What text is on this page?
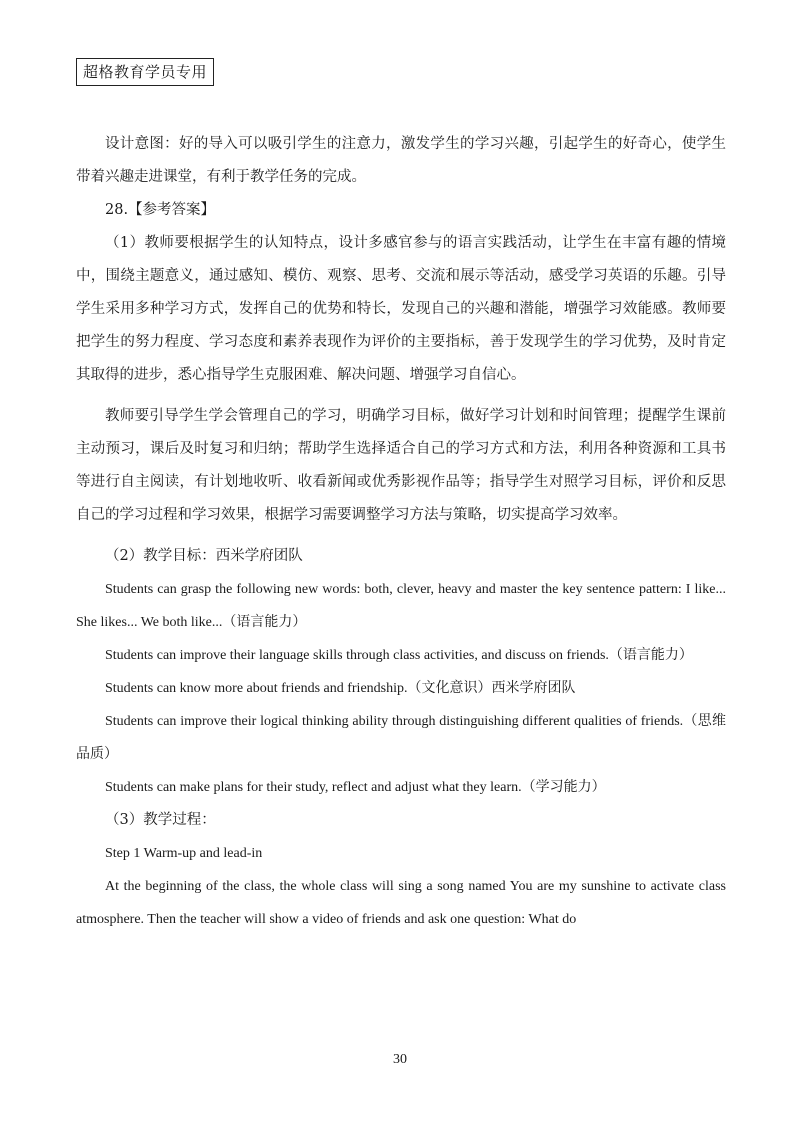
超格教育学员专用

设计意图：好的导入可以吸引学生的注意力，激发学生的学习兴趣，引起学生的好奇心，使学生带着兴趣走进课堂，有利于教学任务的完成。

28.【参考答案】

（1）教师要根据学生的认知特点，设计多感官参与的语言实践活动，让学生在丰富有趣的情境中，围绕主题意义，通过感知、模仿、观察、思考、交流和展示等活动，感受学习英语的乐趣。引导学生采用多种学习方式，发挥自己的优势和特长，发现自己的兴趣和潜能，增强学习效能感。教师要把学生的努力程度、学习态度和素养表现作为评价的主要指标，善于发现学生的学习优势，及时肯定其取得的进步，悉心指导学生克服困难、解决问题、增强学习自信心。

教师要引导学生学会管理自己的学习，明确学习目标，做好学习计划和时间管理；提醒学生课前主动预习，课后及时复习和归纳；帮助学生选择适合自己的学习方式和方法，利用各种资源和工具书等进行自主阅读，有计划地收听、收看新闻或优秀影视作品等；指导学生对照学习目标，评价和反思自己的学习过程和学习效果，根据学习需要调整学习方法与策略，切实提高学习效率。

（2）教学目标：西米学府团队

Students can grasp the following new words: both, clever, heavy and master the key sentence pattern: I like... She likes... We both like...（语言能力）

Students can improve their language skills through class activities, and discuss on friends.（语言能力）

Students can know more about friends and friendship.（文化意识）西米学府团队

Students can improve their logical thinking ability through distinguishing different qualities of friends.（思维品质）

Students can make plans for their study, reflect and adjust what they learn.（学习能力）

（3）教学过程：

Step 1 Warm-up and lead-in

At the beginning of the class, the whole class will sing a song named You are my sunshine to activate class atmosphere. Then the teacher will show a video of friends and ask one question: What do

30
